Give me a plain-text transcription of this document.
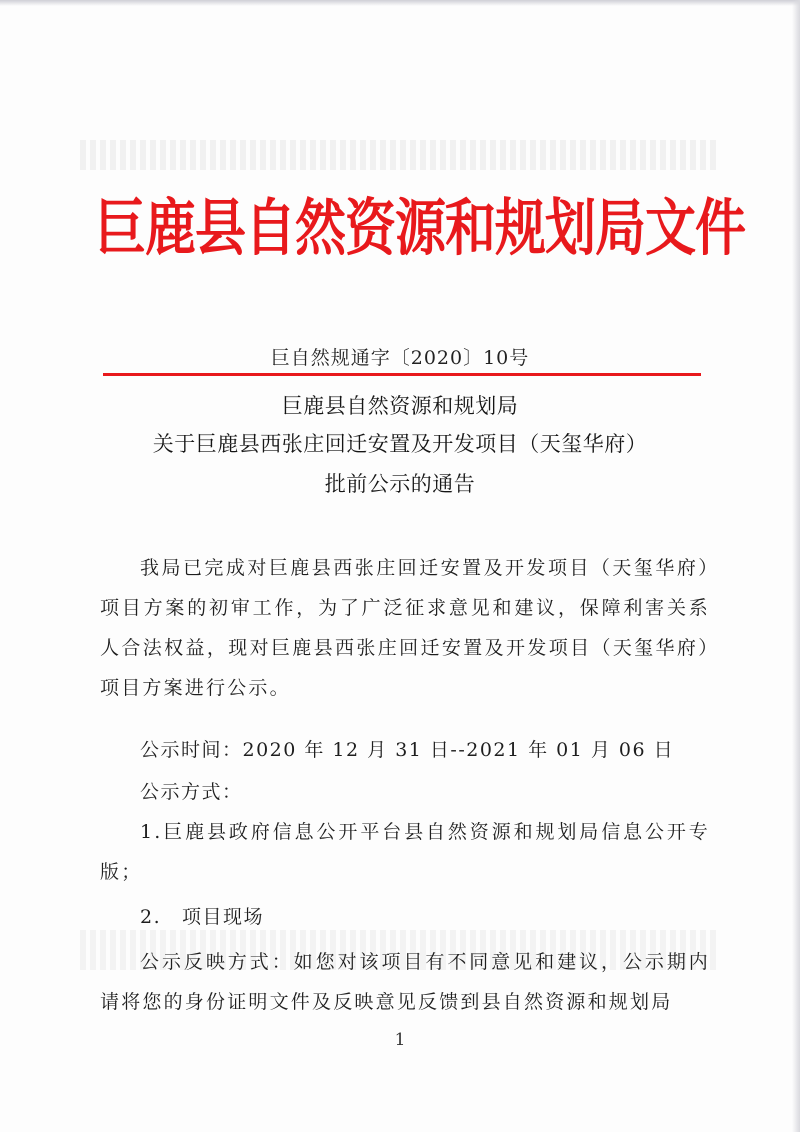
巨鹿县自然资源和规划局文件
巨自然规通字〔2020〕10号
巨鹿县自然资源和规划局
关于巨鹿县西张庄回迁安置及开发项目（天玺华府）
批前公示的通告
我局已完成对巨鹿县西张庄回迁安置及开发项目（天玺华府）项目方案的初审工作，为了广泛征求意见和建议，保障利害关系人合法权益，现对巨鹿县西张庄回迁安置及开发项目（天玺华府）项目方案进行公示。
公示时间：2020 年 12 月 31 日--2021 年 01 月 06 日
公示方式：
1.巨鹿县政府信息公开平台县自然资源和规划局信息公开专版；
2. 项目现场
公示反映方式：如您对该项目有不同意见和建议，公示期内请将您的身份证明文件及反映意见反馈到县自然资源和规划局
1
